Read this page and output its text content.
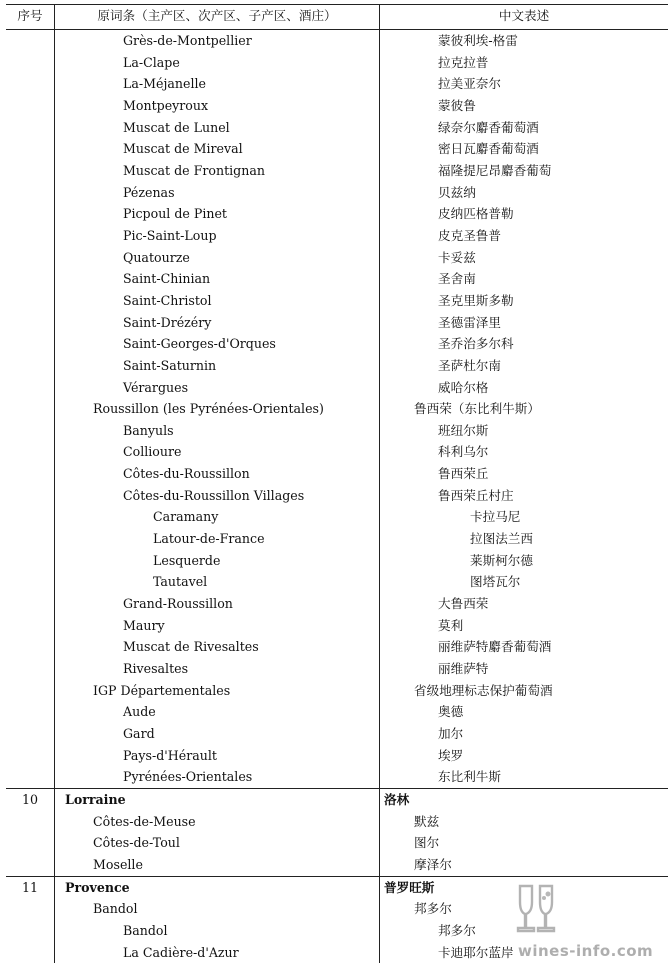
序号	原词条（主产区、次产区、子产区、酒庄）	中文表述
	Grès-de-Montpellier	蒙彼利埃-格雷
	La-Clape	拉克拉普
	La-Méjanelle	拉美亚奈尔
	Montpeyroux	蒙彼鲁
	Muscat de Lunel	绿奈尔麝香葡萄酒
	Muscat de Mireval	密日瓦麝香葡萄酒
	Muscat de Frontignan	福隆提尼昂麝香葡萄
	Pézenas	贝兹纳
	Picpoul de Pinet	皮纳匹格普勒
	Pic-Saint-Loup	皮克圣鲁普
	Quatourze	卡妥兹
	Saint-Chinian	圣舍南
	Saint-Christol	圣克里斯多勒
	Saint-Drézéry	圣德雷泽里
	Saint-Georges-d'Orques	圣乔治多尔科
	Saint-Saturnin	圣萨杜尔南
	Vérargues	威哈尔格
	Roussillon (les Pyrénées-Orientales)	鲁西荣（东比利牛斯）
	Banyuls	班纽尔斯
	Collioure	科利乌尔
	Côtes-du-Roussillon	鲁西荣丘
	Côtes-du-Roussillon Villages	鲁西荣丘村庄
	Caramany	卡拉马尼
	Latour-de-France	拉图法兰西
	Lesquerde	莱斯柯尔德
	Tautavel	图塔瓦尔
	Grand-Roussillon	大鲁西荣
	Maury	莫利
	Muscat de Rivesaltes	丽维萨特麝香葡萄酒
	Rivesaltes	丽维萨特
	IGP Départementales	省级地理标志保护葡萄酒
	Aude	奥德
	Gard	加尔
	Pays-d'Hérault	埃罗
	Pyrénées-Orientales	东比利牛斯
10	Lorraine	洛林
	Côtes-de-Meuse	默兹
	Côtes-de-Toul	图尔
	Moselle	摩泽尔
11	Provence	普罗旺斯
	Bandol	邦多尔
	Bandol	邦多尔
	La Cadière-d'Azur	卡迪耶尔蓝岸 wines-info.com
